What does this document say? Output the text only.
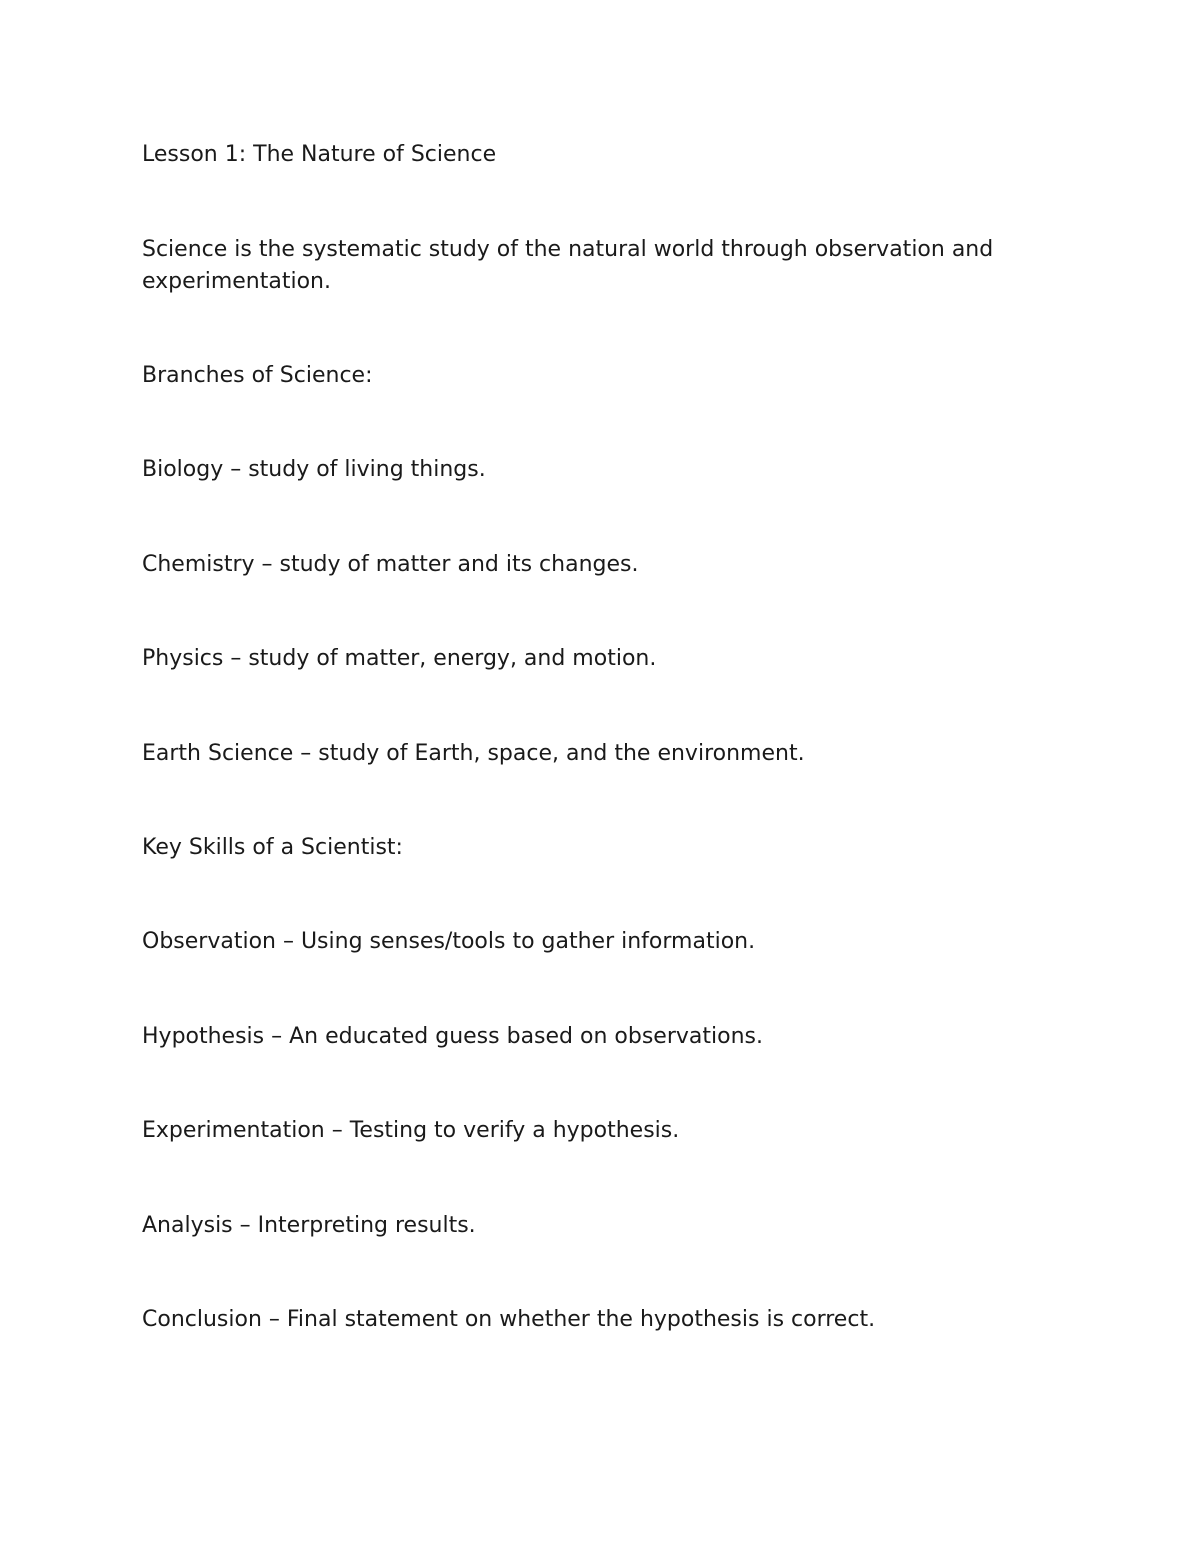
Lesson 1: The Nature of Science
Science is the systematic study of the natural world through observation and experimentation.
Branches of Science:
Biology – study of living things.
Chemistry – study of matter and its changes.
Physics – study of matter, energy, and motion.
Earth Science – study of Earth, space, and the environment.
Key Skills of a Scientist:
Observation – Using senses/tools to gather information.
Hypothesis – An educated guess based on observations.
Experimentation – Testing to verify a hypothesis.
Analysis – Interpreting results.
Conclusion – Final statement on whether the hypothesis is correct.
